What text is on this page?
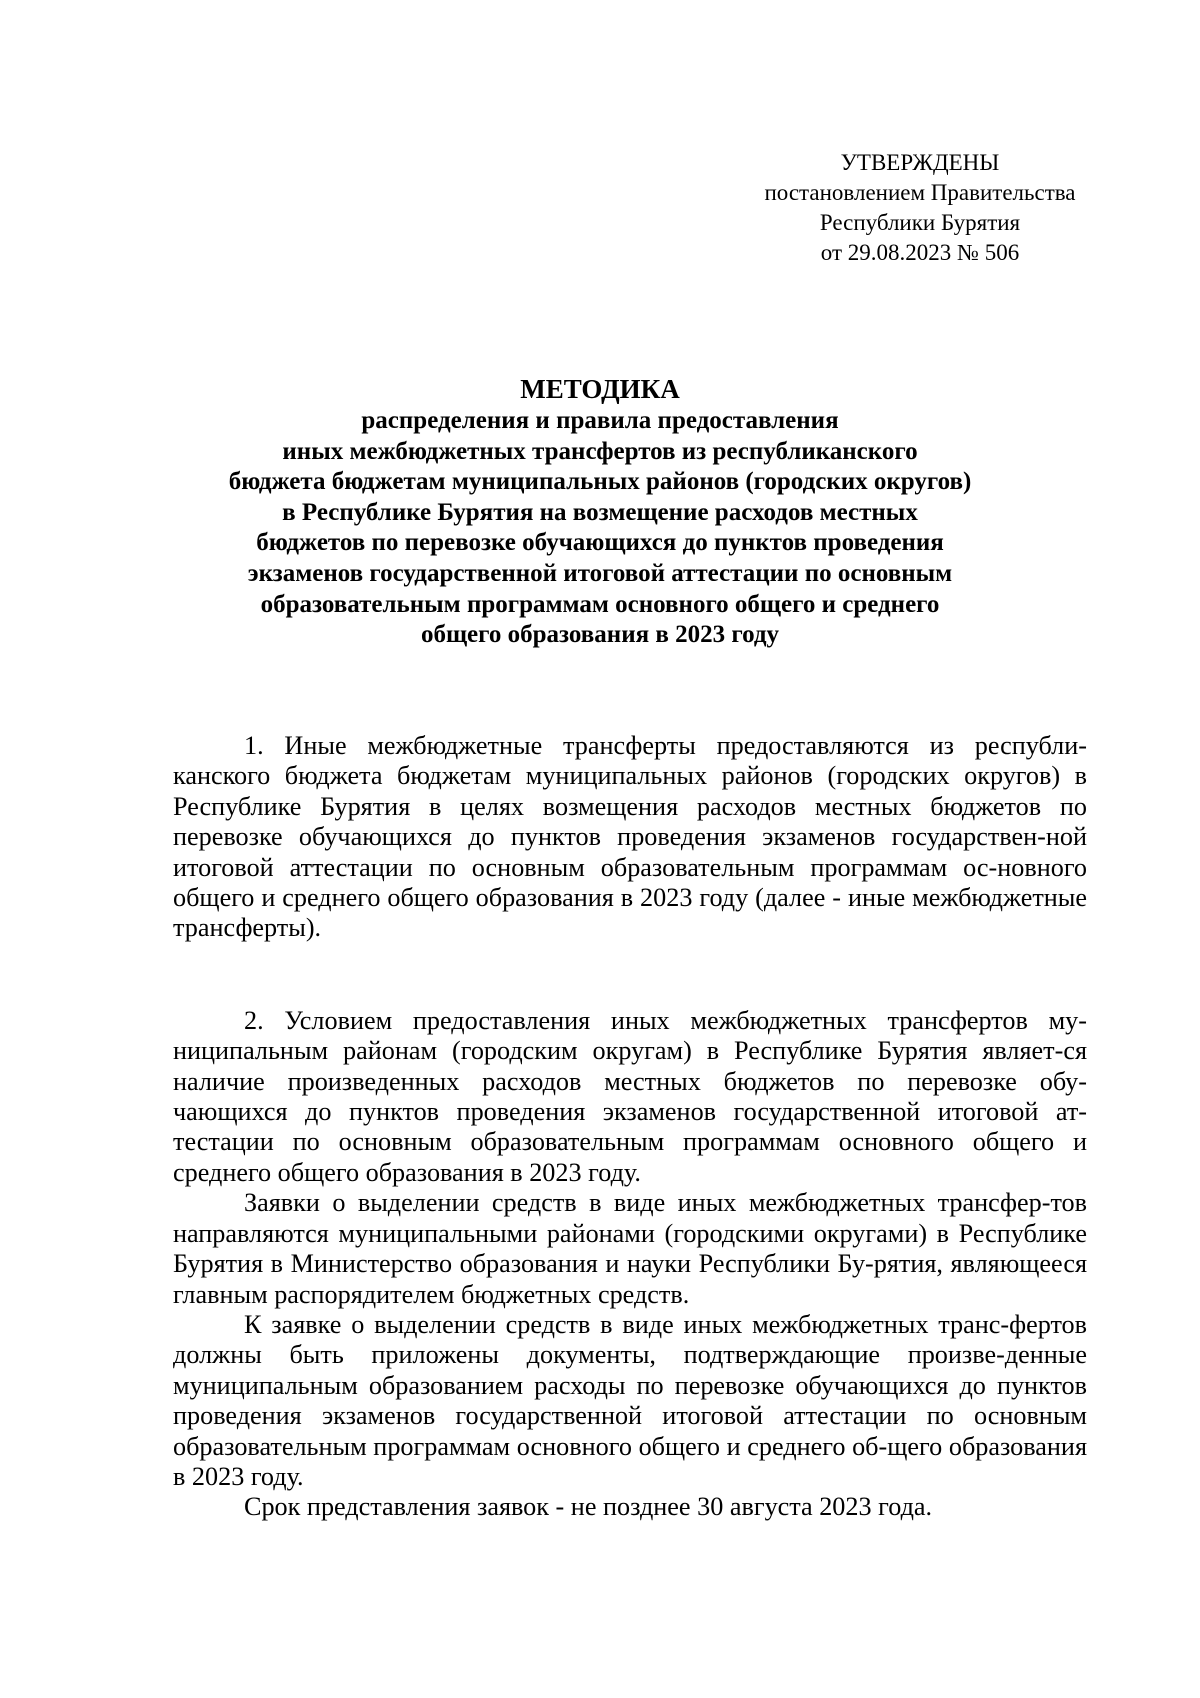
УТВЕРЖДЕНЫ
постановлением Правительства
Республики Бурятия
от 29.08.2023 № 506
МЕТОДИКА
распределения и правила предоставления
иных межбюджетных трансфертов из республиканского
бюджета бюджетам муниципальных районов (городских округов)
в Республике Бурятия на возмещение расходов местных
бюджетов по перевозке обучающихся до пунктов проведения
экзаменов государственной итоговой аттестации по основным
образовательным программам основного общего и среднего
общего образования в 2023 году

1. Иные межбюджетные трансферты предоставляются из республи-канского бюджета бюджетам муниципальных районов (городских округов) в Республике Бурятия в целях возмещения расходов местных бюджетов по перевозке обучающихся до пунктов проведения экзаменов государствен-ной итоговой аттестации по основным образовательным программам ос-новного общего и среднего общего образования в 2023 году (далее - иные межбюджетные трансферты).

2. Условием предоставления иных межбюджетных трансфертов му-ниципальным районам (городским округам) в Республике Бурятия являет-ся наличие произведенных расходов местных бюджетов по перевозке обу-чающихся до пунктов проведения экзаменов государственной итоговой ат-тестации по основным образовательным программам основного общего и среднего общего образования в 2023 году.

Заявки о выделении средств в виде иных межбюджетных трансфер-тов направляются муниципальными районами (городскими округами) в Республике Бурятия в Министерство образования и науки Республики Бу-рятия, являющееся главным распорядителем бюджетных средств.

К заявке о выделении средств в виде иных межбюджетных транс-фертов должны быть приложены документы, подтверждающие произве-денные муниципальным образованием расходы по перевозке обучающихся до пунктов проведения экзаменов государственной итоговой аттестации по основным образовательным программам основного общего и среднего об-щего образования в 2023 году.

Срок представления заявок - не позднее 30 августа 2023 года.
